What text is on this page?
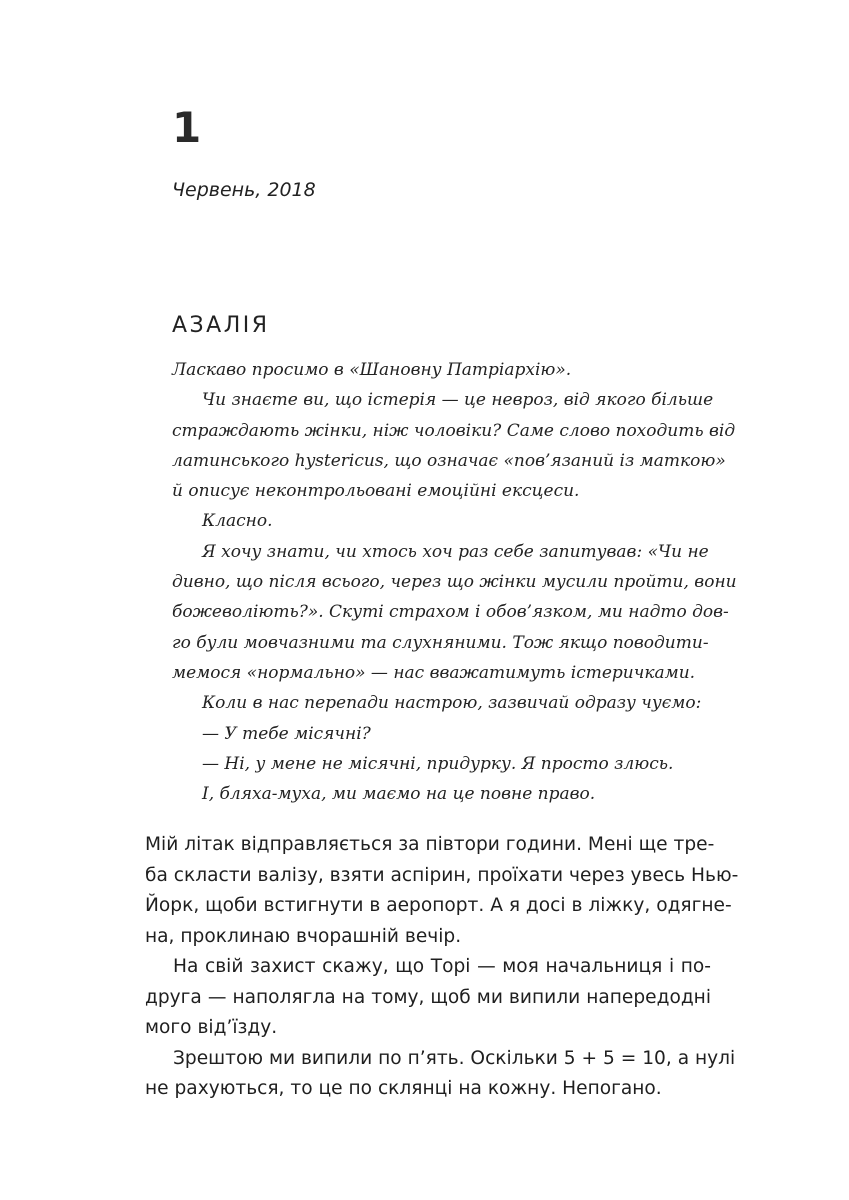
1
Червень, 2018
АЗАЛІЯ
Ласкаво просимо в «Шановну Патріархію».
Чи знаєте ви, що істерія — це невроз, від якого більше
страждають жінки, ніж чоловіки? Саме слово походить від
латинського hystericus, що означає «пов’язаний із маткою»
й описує неконтрольовані емоційні ексцеси.
Класно.
Я хочу знати, чи хтось хоч раз себе запитував: «Чи не
дивно, що після всього, через що жінки мусили пройти, вони
божеволіють?». Скуті страхом і обов’язком, ми надто дов-
го були мовчазними та слухняними. Тож якщо поводити-
мемося «нормально» — нас вважатимуть істеричками.
Коли в нас перепади настрою, зазвичай одразу чуємо:
— У тебе місячні?
— Ні, у мене не місячні, придурку. Я просто злюсь.
І, бляха-муха, ми маємо на це повне право.
Мій літак відправляється за півтори години. Мені ще тре-
ба скласти валізу, взяти аспірин, проїхати через увесь Нью-
Йорк, щоби встигнути в аеропорт. А я досі в ліжку, одягне-
на, проклинаю вчорашній вечір.
На свій захист скажу, що Торі — моя начальниця і по-
друга — наполягла на тому, щоб ми випили напередодні
мого від’їзду.
Зрештою ми випили по п’ять. Оскільки 5 + 5 = 10, а нулі
не рахуються, то це по склянці на кожну. Непогано.
